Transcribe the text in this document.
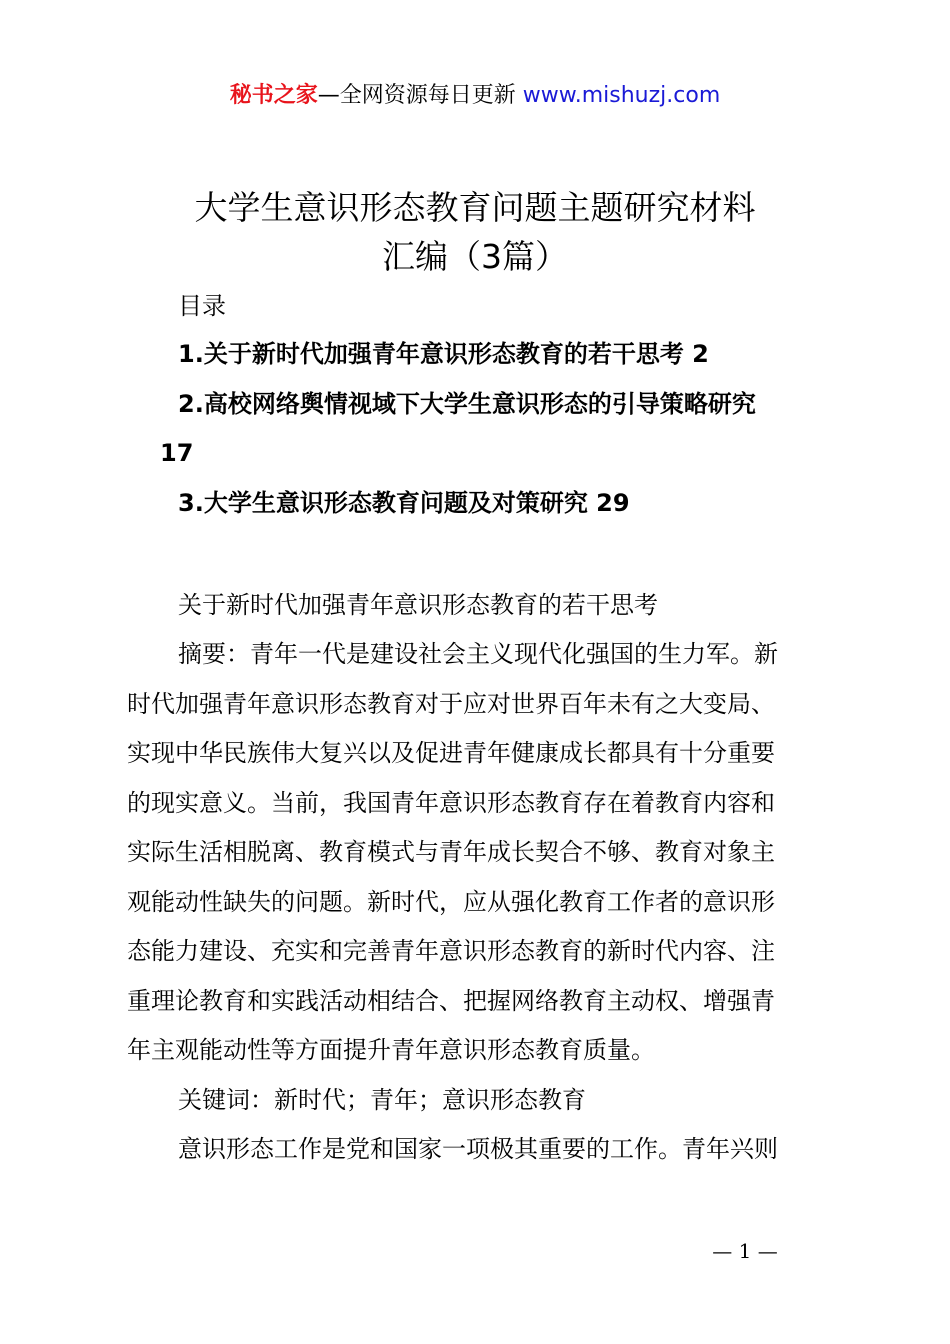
秘书之家—全网资源每日更新 www.mishuzj.com
大学生意识形态教育问题主题研究材料
汇编（3篇）
目录
1.关于新时代加强青年意识形态教育的若干思考 2
2.高校网络舆情视域下大学生意识形态的引导策略研究
17
3.大学生意识形态教育问题及对策研究 29
关于新时代加强青年意识形态教育的若干思考
摘要：青年一代是建设社会主义现代化强国的生力军。新
时代加强青年意识形态教育对于应对世界百年未有之大变局、
实现中华民族伟大复兴以及促进青年健康成长都具有十分重要
的现实意义。当前，我国青年意识形态教育存在着教育内容和
实际生活相脱离、教育模式与青年成长契合不够、教育对象主
观能动性缺失的问题。新时代，应从强化教育工作者的意识形
态能力建设、充实和完善青年意识形态教育的新时代内容、注
重理论教育和实践活动相结合、把握网络教育主动权、增强青
年主观能动性等方面提升青年意识形态教育质量。
关键词：新时代；青年；意识形态教育
意识形态工作是党和国家一项极其重要的工作。青年兴则
— 1 —
